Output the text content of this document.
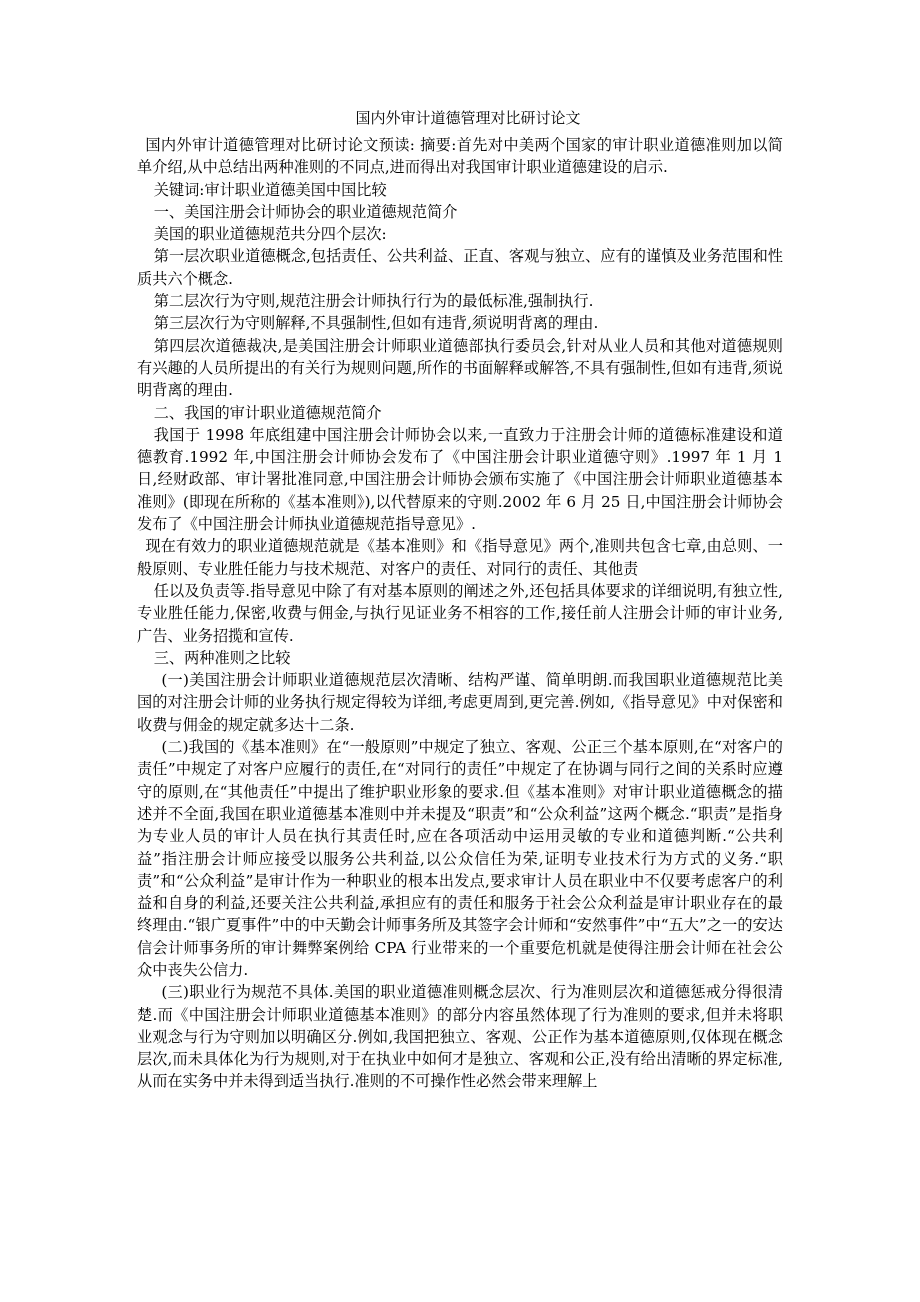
国内外审计道德管理对比研讨论文

国内外审计道德管理对比研讨论文预读: 摘要:首先对中美两个国家的审计职业道德准则加以简单介绍,从中总结出两种准则的不同点,进而得出对我国审计职业道德建设的启示.

关键词:审计职业道德美国中国比较

一、美国注册会计师协会的职业道德规范简介

美国的职业道德规范共分四个层次:

第一层次职业道德概念,包括责任、公共利益、正直、客观与独立、应有的谨慎及业务范围和性质共六个概念.

第二层次行为守则,规范注册会计师执行行为的最低标准,强制执行.

第三层次行为守则解释,不具强制性,但如有违背,须说明背离的理由.

第四层次道德裁决,是美国注册会计师职业道德部执行委员会,针对从业人员和其他对道德规则有兴趣的人员所提出的有关行为规则问题,所作的书面解释或解答,不具有强制性,但如有违背,须说明背离的理由.

二、我国的审计职业道德规范简介

我国于 1998 年底组建中国注册会计师协会以来,一直致力于注册会计师的道德标准建设和道德教育.1992 年,中国注册会计师协会发布了《中国注册会计职业道德守则》.1997 年 1 月 1 日,经财政部、审计署批准同意,中国注册会计师协会颁布实施了《中国注册会计师职业道德基本准则》(即现在所称的《基本准则》),以代替原来的守则.2002 年 6 月 25 日,中国注册会计师协会发布了《中国注册会计师执业道德规范指导意见》.

现在有效力的职业道德规范就是《基本准则》和《指导意见》两个,准则共包含七章,由总则、一般原则、专业胜任能力与技术规范、对客户的责任、对同行的责任、其他责

任以及负责等.指导意见中除了有对基本原则的阐述之外,还包括具体要求的详细说明,有独立性,专业胜任能力,保密,收费与佣金,与执行见证业务不相容的工作,接任前人注册会计师的审计业务,广告、业务招揽和宣传.

三、两种准则之比较

(一)美国注册会计师职业道德规范层次清晰、结构严谨、简单明朗.而我国职业道德规范比美国的对注册会计师的业务执行规定得较为详细,考虑更周到,更完善.例如,《指导意见》中对保密和收费与佣金的规定就多达十二条.

(二)我国的《基本准则》在“一般原则”中规定了独立、客观、公正三个基本原则,在“对客户的责任”中规定了对客户应履行的责任,在“对同行的责任”中规定了在协调与同行之间的关系时应遵守的原则,在“其他责任”中提出了维护职业形象的要求.但《基本准则》对审计职业道德概念的描述并不全面,我国在职业道德基本准则中并未提及“职责”和“公众利益”这两个概念.“职责”是指身为专业人员的审计人员在执行其责任时,应在各项活动中运用灵敏的专业和道德判断.“公共利益”指注册会计师应接受以服务公共利益,以公众信任为荣,证明专业技术行为方式的义务.“职责”和“公众利益”是审计作为一种职业的根本出发点,要求审计人员在职业中不仅要考虑客户的利益和自身的利益,还要关注公共利益,承担应有的责任和服务于社会公众利益是审计职业存在的最终理由.“银广夏事件”中的中天勤会计师事务所及其签字会计师和“安然事件”中“五大”之一的安达信会计师事务所的审计舞弊案例给 CPA 行业带来的一个重要危机就是使得注册会计师在社会公众中丧失公信力.

(三)职业行为规范不具体.美国的职业道德准则概念层次、行为准则层次和道德惩戒分得很清楚.而《中国注册会计师职业道德基本准则》的部分内容虽然体现了行为准则的要求,但并未将职业观念与行为守则加以明确区分.例如,我国把独立、客观、公正作为基本道德原则,仅体现在概念层次,而未具体化为行为规则,对于在执业中如何才是独立、客观和公正,没有给出清晰的界定标准,从而在实务中并未得到适当执行.准则的不可操作性必然会带来理解上
